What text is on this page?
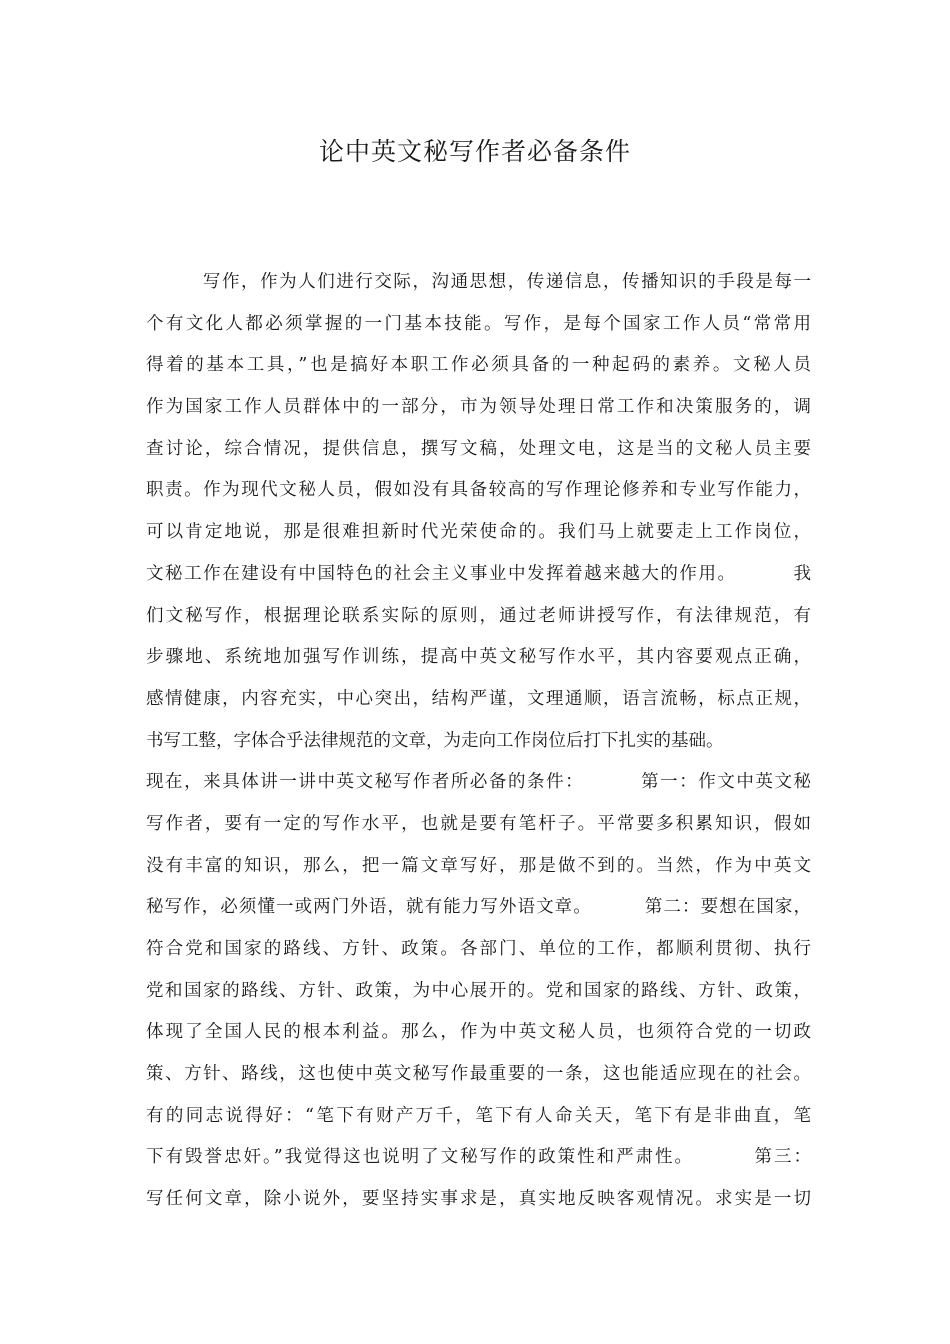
论中英文秘写作者必备条件
写作，作为人们进行交际，沟通思想，传递信息，传播知识的手段是每一
个有文化人都必须掌握的一门基本技能。写作，是每个国家工作人员“常常用
得着的基本工具，”也是搞好本职工作必须具备的一种起码的素养。文秘人员
作为国家工作人员群体中的一部分，市为领导处理日常工作和决策服务的，调
查讨论，综合情况，提供信息，撰写文稿，处理文电，这是当的文秘人员主要
职责。作为现代文秘人员，假如没有具备较高的写作理论修养和专业写作能力，
可以肯定地说，那是很难担新时代光荣使命的。我们马上就要走上工作岗位，
文秘工作在建设有中国特色的社会主义事业中发挥着越来越大的作用。        我
们文秘写作，根据理论联系实际的原则，通过老师讲授写作，有法律规范，有
步骤地、系统地加强写作训练，提高中英文秘写作水平，其内容要观点正确，
感情健康，内容充实，中心突出，结构严谨，文理通顺，语言流畅，标点正规，
书写工整，字体合乎法律规范的文章，为走向工作岗位后打下扎实的基础。
现在，来具体讲一讲中英文秘写作者所必备的条件：        第一：作文中英文秘
写作者，要有一定的写作水平，也就是要有笔杆子。平常要多积累知识，假如
没有丰富的知识，那么，把一篇文章写好，那是做不到的。当然，作为中英文
秘写作，必须懂一或两门外语，就有能力写外语文章。        第二：要想在国家，
符合党和国家的路线、方针、政策。各部门、单位的工作，都顺利贯彻、执行
党和国家的路线、方针、政策，为中心展开的。党和国家的路线、方针、政策，
体现了全国人民的根本利益。那么，作为中英文秘人员，也须符合党的一切政
策、方针、路线，这也使中英文秘写作最重要的一条，这也能适应现在的社会。
有的同志说得好：“笔下有财产万千，笔下有人命关天，笔下有是非曲直，笔
下有毁誉忠奸。”我觉得这也说明了文秘写作的政策性和严肃性。        第三：
写任何文章，除小说外，要坚持实事求是，真实地反映客观情况。求实是一切
